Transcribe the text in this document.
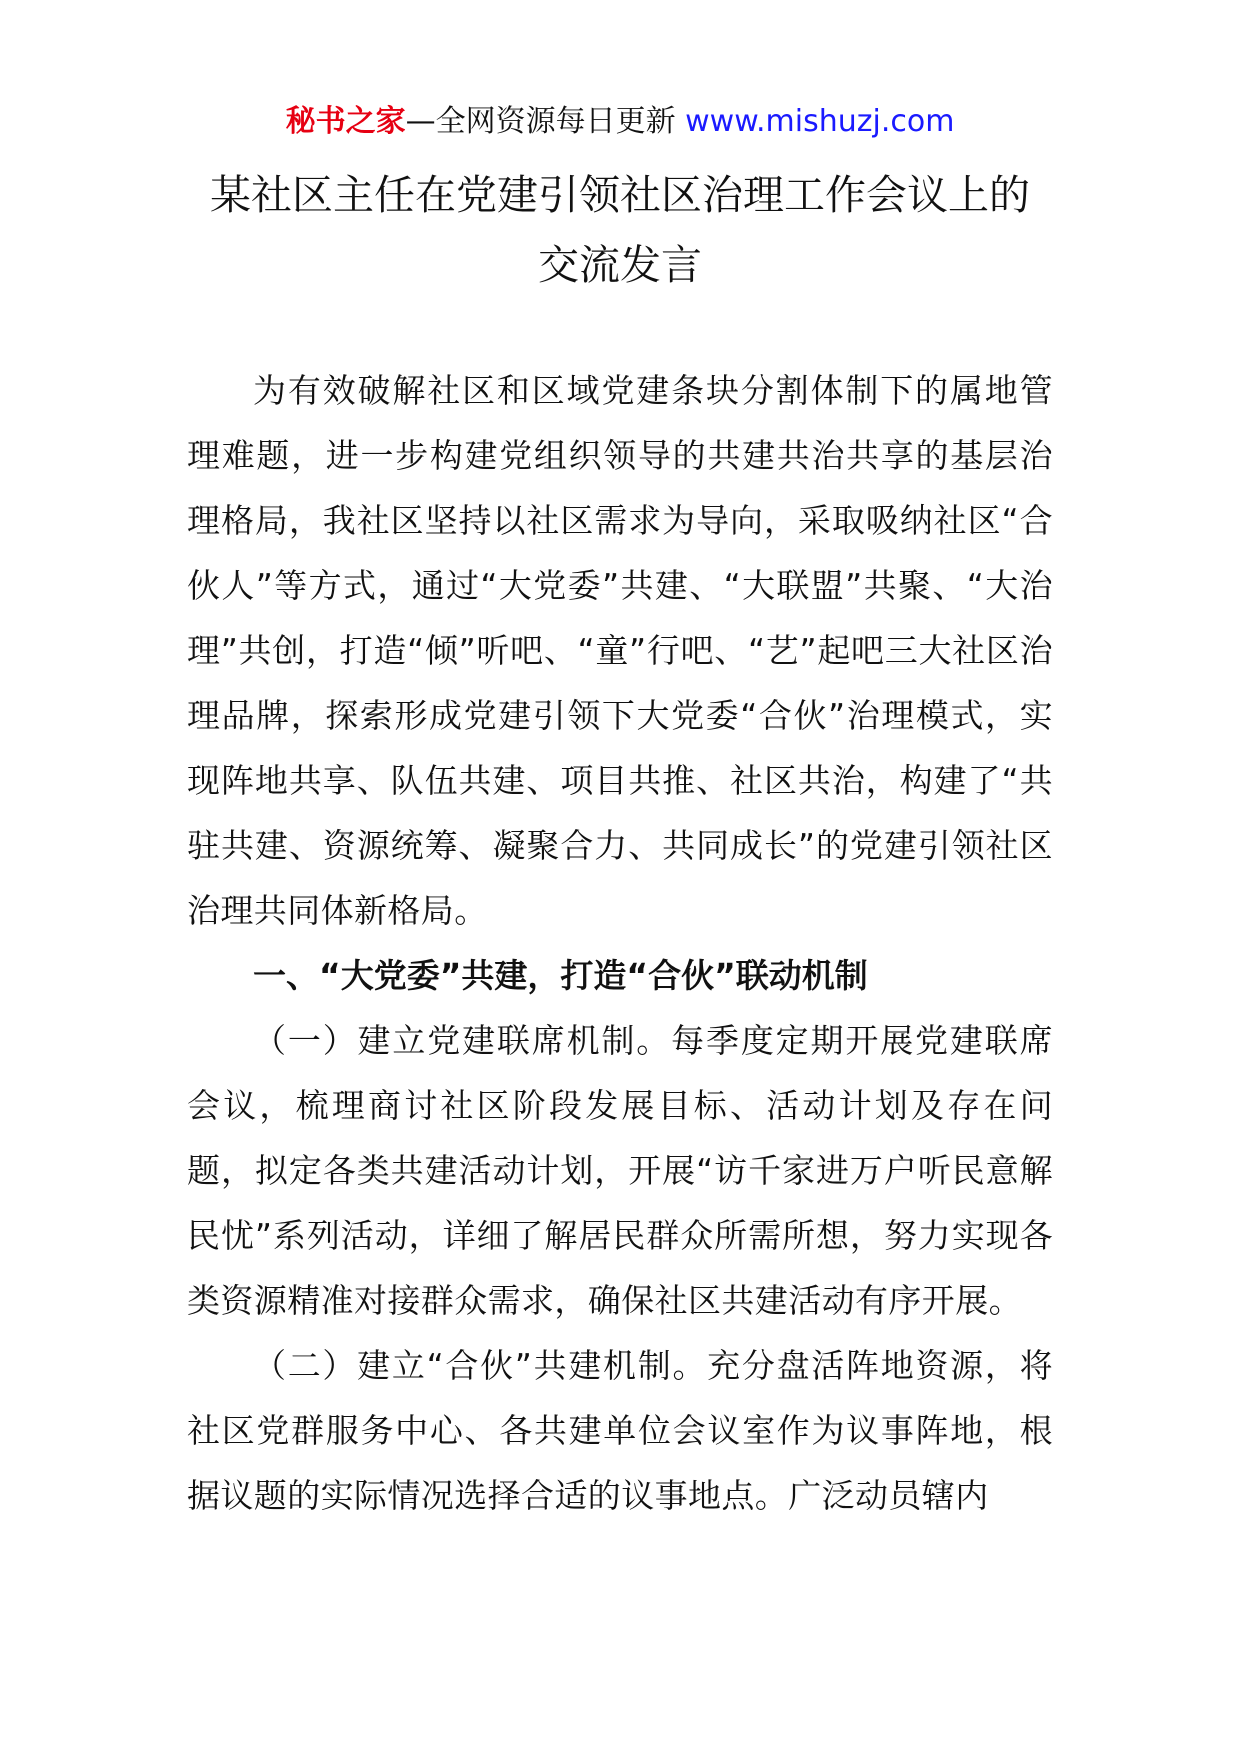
秘书之家—全网资源每日更新 www.mishuzj.com
某社区主任在党建引领社区治理工作会议上的
交流发言

为有效破解社区和区域党建条块分割体制下的属地管理难题，进一步构建党组织领导的共建共治共享的基层治理格局，我社区坚持以社区需求为导向，采取吸纳社区“合伙人”等方式，通过“大党委”共建、“大联盟”共聚、“大治理”共创，打造“倾”听吧、“童”行吧、“艺”起吧三大社区治理品牌，探索形成党建引领下大党委“合伙”治理模式，实现阵地共享、队伍共建、项目共推、社区共治，构建了“共驻共建、资源统筹、凝聚合力、共同成长”的党建引领社区治理共同体新格局。

一、“大党委”共建，打造“合伙”联动机制

（一）建立党建联席机制。每季度定期开展党建联席会议，梳理商讨社区阶段发展目标、活动计划及存在问题，拟定各类共建活动计划，开展“访千家进万户听民意解民忧”系列活动，详细了解居民群众所需所想，努力实现各类资源精准对接群众需求，确保社区共建活动有序开展。

（二）建立“合伙”共建机制。充分盘活阵地资源，将社区党群服务中心、各共建单位会议室作为议事阵地，根据议题的实际情况选择合适的议事地点。广泛动员辖内
